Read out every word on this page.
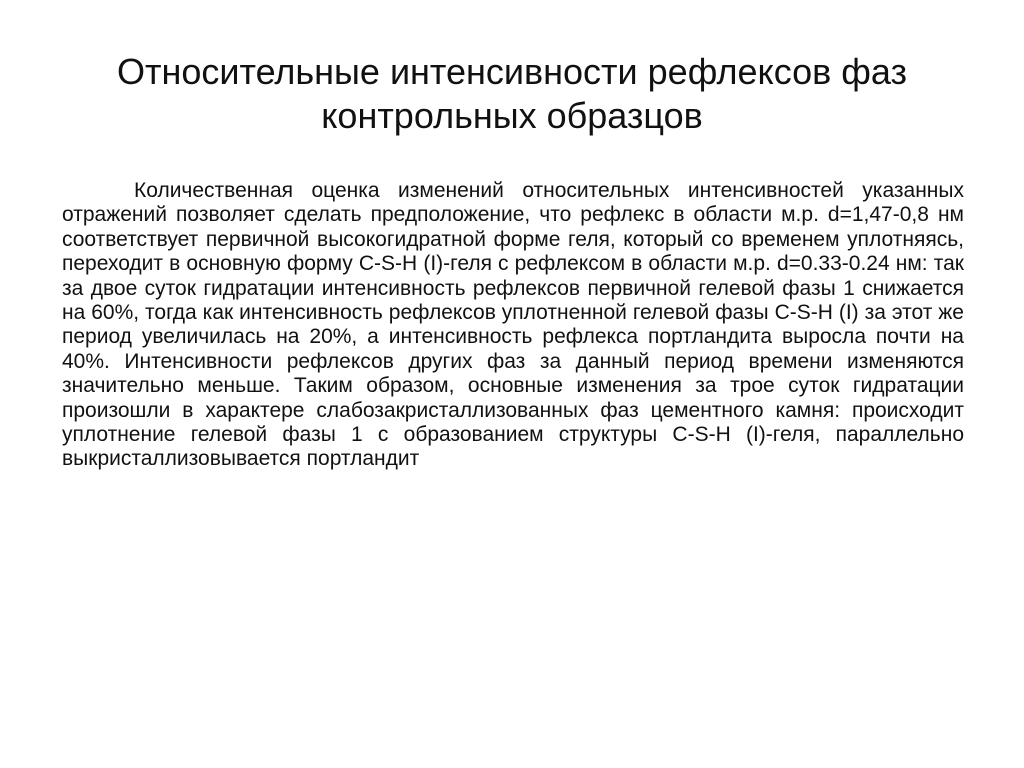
Относительные интенсивности рефлексов фаз
контрольных образцов

Количественная оценка изменений относительных интенсивностей указанных отражений позволяет сделать предположение, что рефлекс в области м.р. d=1,47-0,8 нм соответствует первичной высокогидратной форме геля, который со временем уплотняясь, переходит в основную форму C-S-H (I)-геля с рефлексом в области м.р. d=0.33-0.24 нм: так за двое суток гидратации интенсивность рефлексов первичной гелевой фазы 1 снижается на 60%, тогда как интенсивность рефлексов уплотненной гелевой фазы C-S-H (I) за этот же период увеличилась на 20%, а интенсивность рефлекса портландита выросла почти на 40%. Интенсивности рефлексов других фаз за данный период времени изменяются значительно меньше. Таким образом, основные изменения за трое суток гидратации произошли в характере слабозакристаллизованных фаз цементного камня: происходит уплотнение гелевой фазы 1 с образованием структуры C-S-H (I)-геля, параллельно выкристаллизовывается портландит
